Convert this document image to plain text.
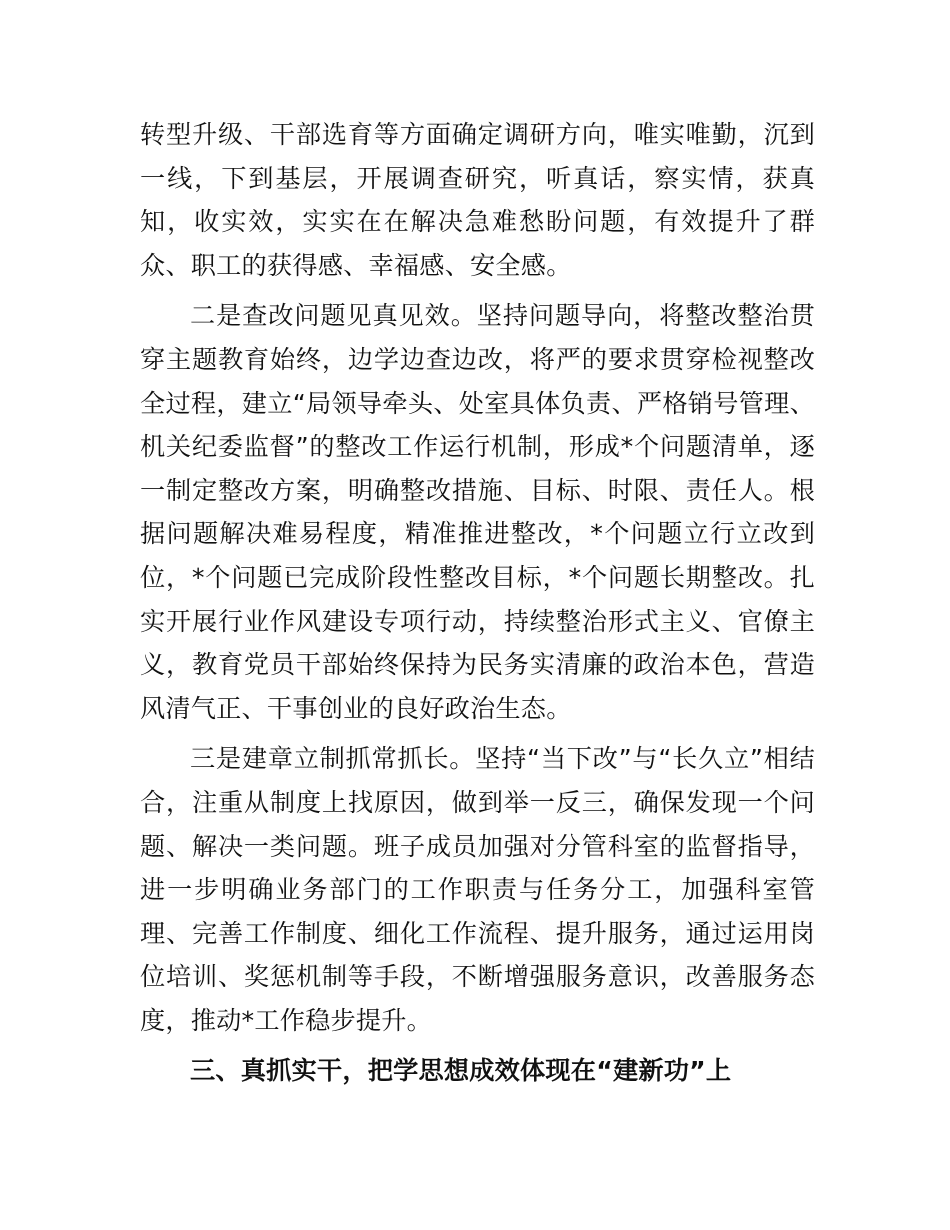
转型升级、干部选育等方面确定调研方向，唯实唯勤，沉到一线，下到基层，开展调查研究，听真话，察实情，获真知，收实效，实实在在解决急难愁盼问题，有效提升了群众、职工的获得感、幸福感、安全感。

二是查改问题见真见效。坚持问题导向，将整改整治贯穿主题教育始终，边学边查边改，将严的要求贯穿检视整改全过程，建立“局领导牵头、处室具体负责、严格销号管理、机关纪委监督”的整改工作运行机制，形成*个问题清单，逐一制定整改方案，明确整改措施、目标、时限、责任人。根据问题解决难易程度，精准推进整改，*个问题立行立改到位，*个问题已完成阶段性整改目标，*个问题长期整改。扎实开展行业作风建设专项行动，持续整治形式主义、官僚主义，教育党员干部始终保持为民务实清廉的政治本色，营造风清气正、干事创业的良好政治生态。

三是建章立制抓常抓长。坚持“当下改”与“长久立”相结合，注重从制度上找原因，做到举一反三，确保发现一个问题、解决一类问题。班子成员加强对分管科室的监督指导，进一步明确业务部门的工作职责与任务分工，加强科室管理、完善工作制度、细化工作流程、提升服务，通过运用岗位培训、奖惩机制等手段，不断增强服务意识，改善服务态度，推动*工作稳步提升。

三、真抓实干，把学思想成效体现在“建新功”上
